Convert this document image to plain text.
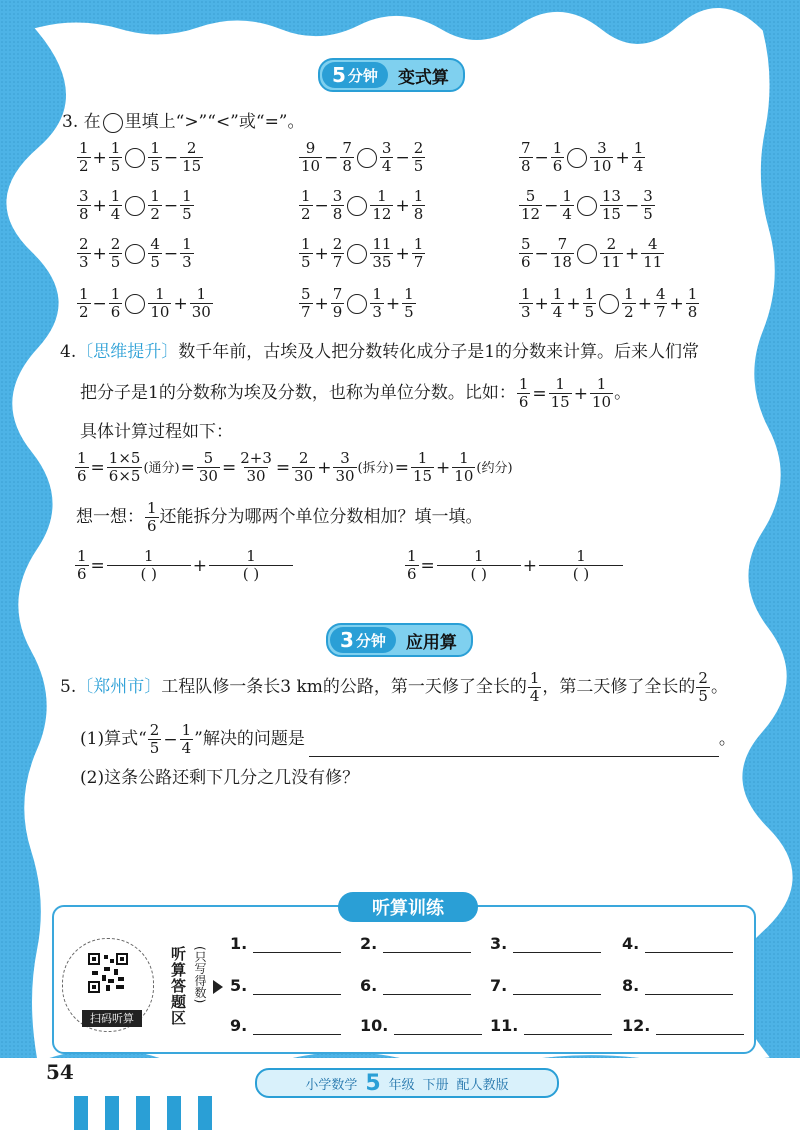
5 分钟	变式算
3. 在 里填上“>”“<”或“=”。
$\frac{1}{2} + \frac{1}{5} \frac{1}{5} - \frac{2}{15}$	$\frac{9}{10} - \frac{7}{8} \frac{3}{4} - \frac{2}{5}$	$\frac{7}{8} - \frac{1}{6} \frac{3}{10} + \frac{1}{4}$
$\frac{3}{8} + \frac{1}{4} \frac{1}{2} - \frac{1}{5}$	$\frac{1}{2} - \frac{3}{8} \frac{1}{12} + \frac{1}{8}$	$\frac{5}{12} - \frac{1}{4} \frac{13}{15} - \frac{3}{5}$
$\frac{2}{3} + \frac{2}{5} \frac{4}{5} - \frac{1}{3}$	$\frac{1}{5} + \frac{2}{7} \frac{11}{35} + \frac{1}{7}$	$\frac{5}{6} - \frac{7}{18} \frac{2}{11} + \frac{4}{11}$
$\frac{1}{2} - \frac{1}{6} \frac{1}{10} + \frac{1}{30}$	$\frac{5}{7} + \frac{7}{9} \frac{1}{3} + \frac{1}{5}$	$\frac{1}{3} + \frac{1}{4} + \frac{1}{5} \frac{1}{2} + \frac{4}{7} + \frac{1}{8}$
4.〔思维提升〕数千年前，古埃及人把分数转化成分子是1的分数来计算。后来人们常
把分子是1的分数称为埃及分数，也称为单位分数。比如： $\frac{1}{6} = \frac{1}{15} + \frac{1}{10}$ 。
具体计算过程如下：
$\frac{1}{6} = \frac{1\times 5}{6\times 5}$ (通分)= $\frac{5}{30} = \frac{2+3}{30} = \frac{2}{30} + \frac{3}{30}$ (拆分)= $\frac{1}{15} + \frac{1}{10}$ (约分)
想一想： $\frac{1}{6}$ 还能拆分为哪两个单位分数相加？填一填。
$\frac{1}{6} = \frac{1}{( )} + \frac{1}{( )}$	$\frac{1}{6} = \frac{1}{( )} + \frac{1}{( )}$
3 分钟	应用算
5.〔郑州市〕工程队修一条长3 km的公路，第一天修了全长的 $\frac{1}{4}$ ，第二天修了全长的 $\frac{2}{5}$ 。
(1)算式“ $\frac{2}{5} - \frac{1}{4}$ ”解决的问题是	。
(2)这条公路还剩下几分之几没有修？
听算训练
扫码听算	听算答题区 (只写得数)
1.	2.	3.	4.
5.	6.	7.	8.
9.	10.	11.	12.
54
小学数学 5 年级 下册 配人教版
